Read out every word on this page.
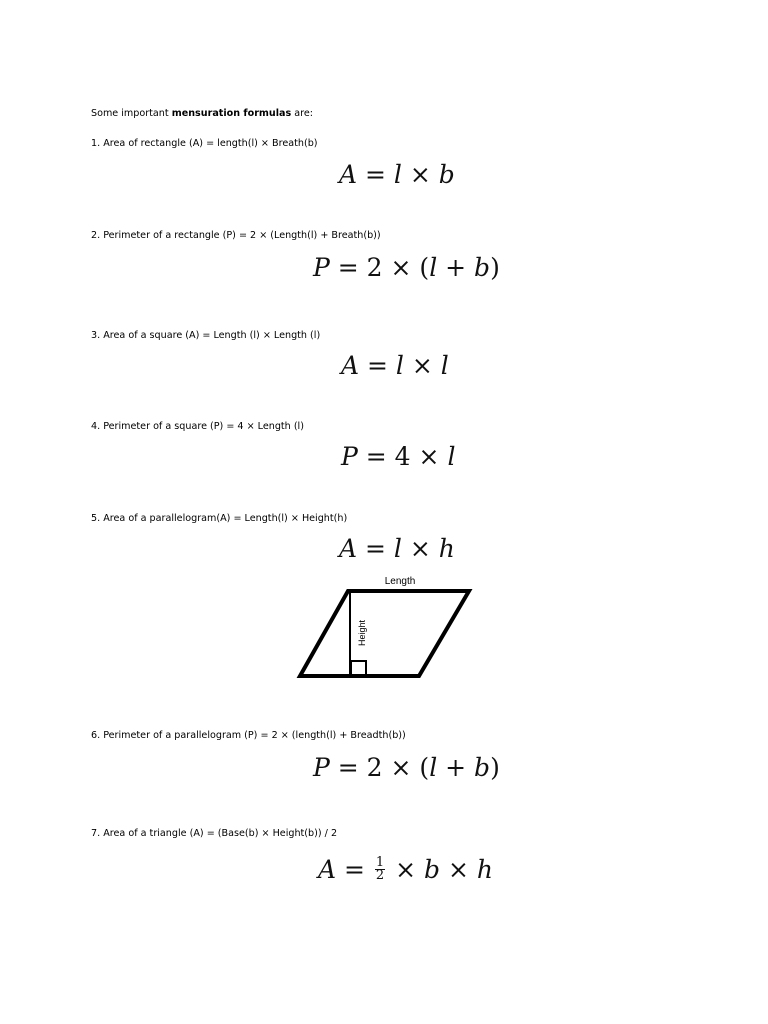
Some important mensuration formulas are:
1. Area of rectangle (A) = length(l) × Breath(b)
A = l × b
2. Perimeter of a rectangle (P) = 2 × (Length(l) + Breath(b))
P = 2 × (l + b)
3. Area of a square (A) = Length (l) × Length (l)
A = l × l
4. Perimeter of a square (P) = 4 × Length (l)
P = 4 × l
5. Area of a parallelogram(A) = Length(l) × Height(h)
A = l × h
Length
Height
6. Perimeter of a parallelogram (P) = 2 × (length(l) + Breadth(b))
P = 2 × (l + b)
7. Area of a triangle (A) = (Base(b) × Height(b)) / 2
$A = \frac{1}{2} \times b \times h$
